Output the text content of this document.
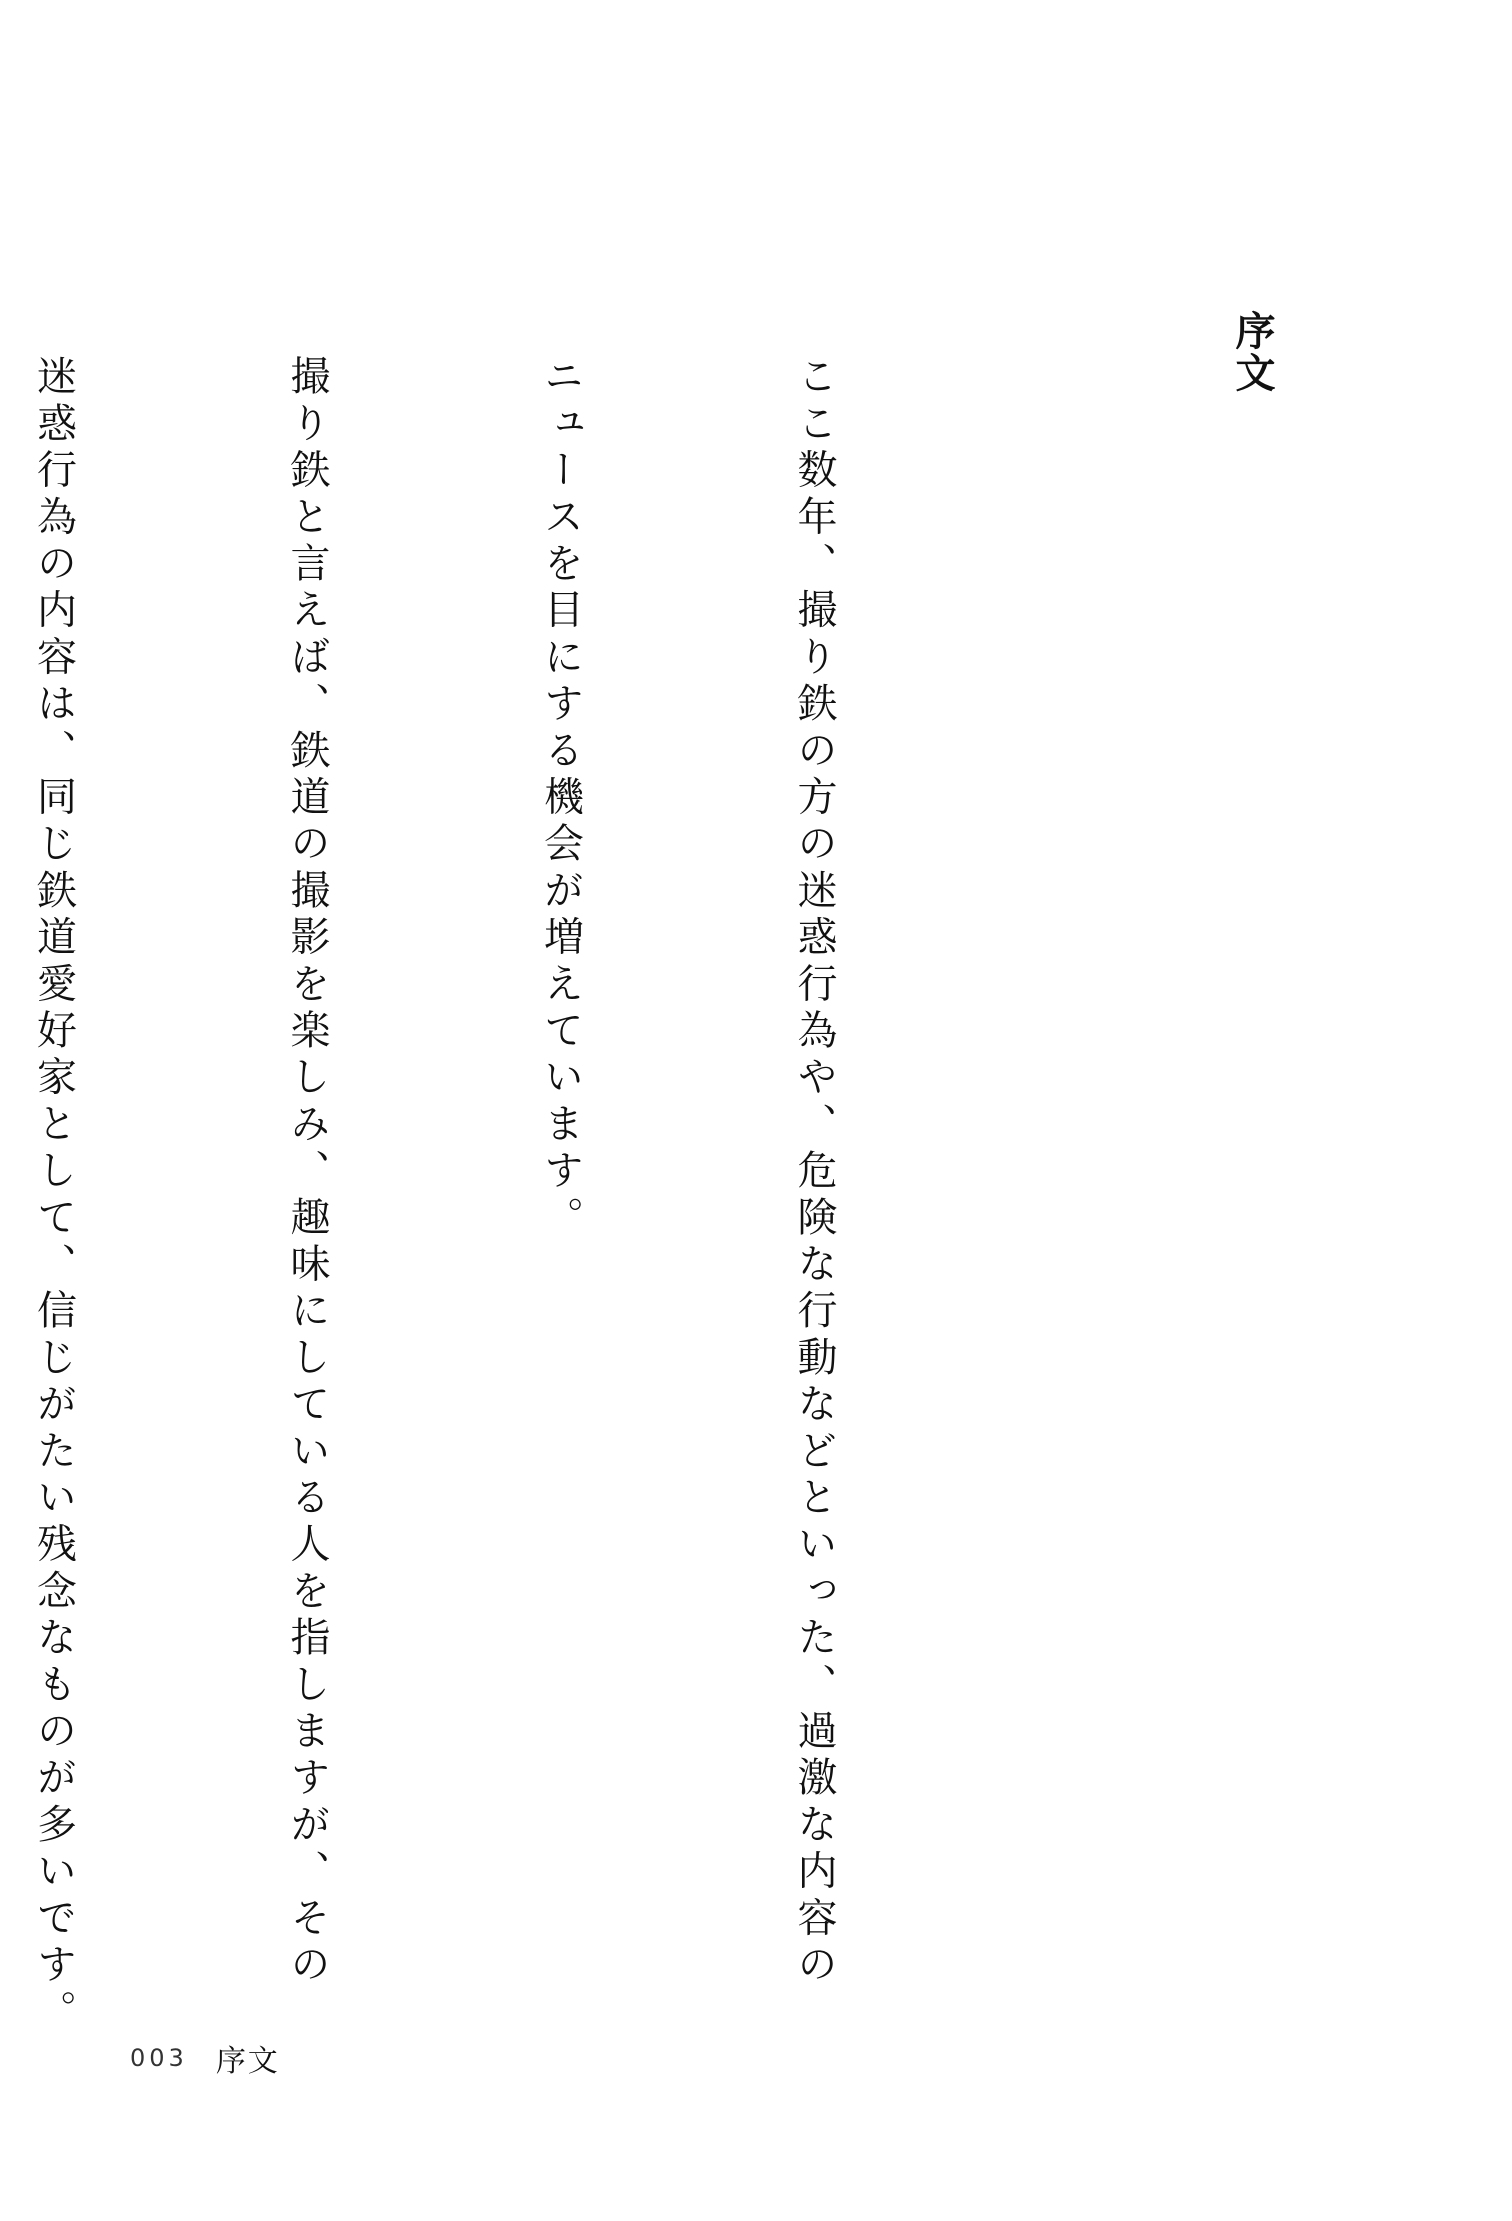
序文

ここ数年、撮り鉄の方の迷惑行為や、危険な行動などといった、過激な内容の

ニュースを目にする機会が増えています。

撮り鉄と言えば、鉄道の撮影を楽しみ、趣味にしている人を指しますが、その

迷惑行為の内容は、同じ鉄道愛好家として、信じがたい残念なものが多いです。

003 序文
